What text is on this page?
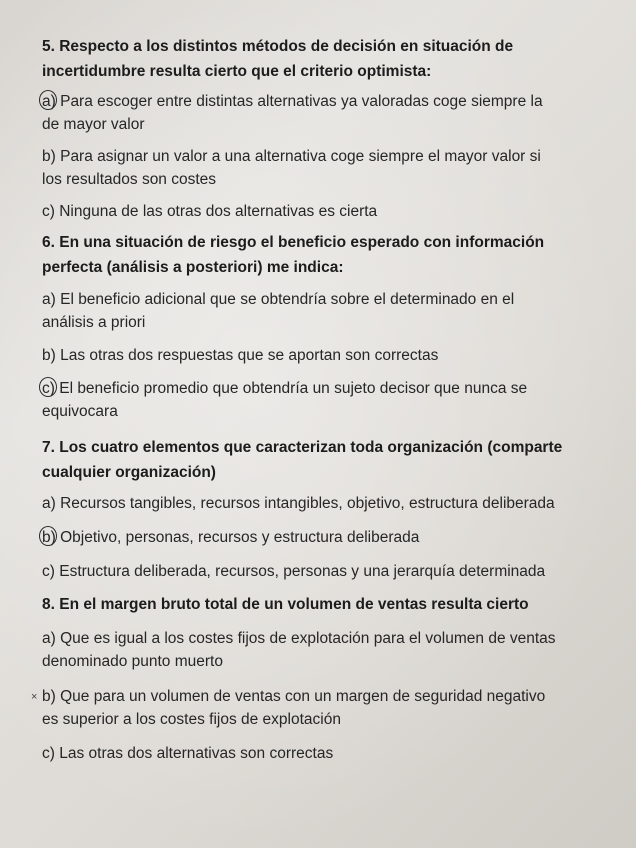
5. Respecto a los distintos métodos de decisión en situación de
incertidumbre resulta cierto que el criterio optimista:
a) Para escoger entre distintas alternativas ya valoradas coge siempre la
de mayor valor
b) Para asignar un valor a una alternativa coge siempre el mayor valor si
los resultados son costes
c) Ninguna de las otras dos alternativas es cierta
6. En una situación de riesgo el beneficio esperado con información
perfecta (análisis a posteriori) me indica:
a) El beneficio adicional que se obtendría sobre el determinado en el
análisis a priori
b) Las otras dos respuestas que se aportan son correctas
c) El beneficio promedio que obtendría un sujeto decisor que nunca se
equivocara
7. Los cuatro elementos que caracterizan toda organización (comparte
cualquier organización)
a) Recursos tangibles, recursos intangibles, objetivo, estructura deliberada
b) Objetivo, personas, recursos y estructura deliberada
c) Estructura deliberada, recursos, personas y una jerarquía determinada
8. En el margen bruto total de un volumen de ventas resulta cierto
a) Que es igual a los costes fijos de explotación para el volumen de ventas
denominado punto muerto
× b) Que para un volumen de ventas con un margen de seguridad negativo
es superior a los costes fijos de explotación
c) Las otras dos alternativas son correctas
